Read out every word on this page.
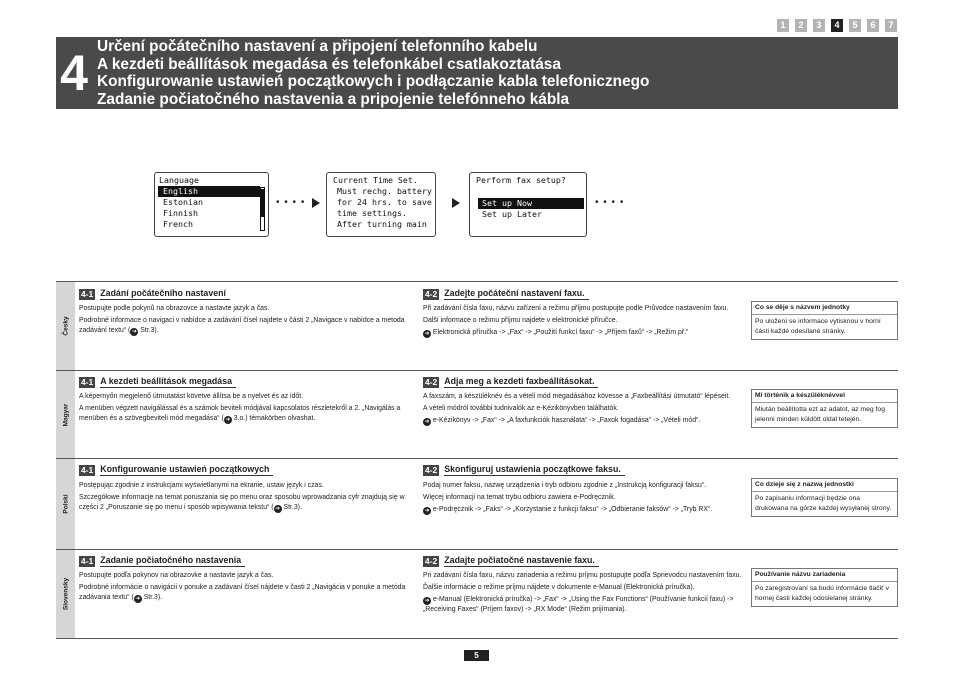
1	2	3	4	5	6	7
4 Určení počátečního nastavení a připojení telefonního kabelu
A kezdeti beállítások megadása és telefonkábel csatlakoztatása
Konfigurowanie ustawień początkowych i podłączanie kabla telefonicznego
Zadanie počiatočného nastavenia a pripojenie telefónneho kábla
Language
English
Estonian
Finnish
French
• • • •
Current Time Set.
Must rechg. battery
for 24 hrs. to save
time settings.
After turning main
Perform fax setup?
Set up Now
Set up Later
• • • •
Česky
4-1 Zadání počátečního nastavení

Postupujte podle pokynů na obrazovce a nastavte jazyk a čas.

Podrobné informace o navigaci v nabídce a zadávání čísel najdete v části 2 „Navigace v nabídce a metoda zadávání textu“ (➜ Str.3).

4-2 Zadejte počáteční nastavení faxu.

Při zadávání čísla faxu, názvu zařízení a režimu příjmu postupujte podle Průvodce nastavením faxu.

Další informace o režimu příjmu najdete v elektronické příručce.

➜ Elektronická příručka -> „Fax“ -> „Použití funkcí faxu“ -> „Příjem faxů“ -> „Režim př.“

Co se děje s názvem jednotky
Po uložení se informace vytisknou v horní části každé odesílané stránky.
Magyar
4-1 A kezdeti beállítások megadása

A képernyőn megjelenő útmutatást követve állítsa be a nyelvet és az időt.

A menüben végzett navigálással és a számok beviteli módjával kapcsolatos részletekről a 2. „Navigálás a menüben és a szövegbeviteli mód megadása“ (➜ 3.o.) témakörben olvashat.

4-2 Adja meg a kezdeti faxbeállításokat.

A faxszám, a készüléknév és a vételi mód megadásához kövesse a „Faxbeállítási útmutató“ lépéseit.

A vételi módról további tudnivalók az e-Kézikönyvben találhatók.

➜ e-Kézikönyv -> „Fax“ -> „A faxfunkciók használata“ -> „Faxok fogadása“ -> „Vételi mód“.

Mi történik a készüléknévvel
Miután beállította ezt az adatot, az meg fog jelenni minden küldött oldal tetején.
Polski
4-1 Konfigurowanie ustawień początkowych

Postępując zgodnie z instrukcjami wyświetlanymi na ekranie, ustaw język i czas.

Szczegółowe informacje na temat poruszania się po menu oraz sposobu wprowadzania cyfr znajdują się w części 2 „Poruszanie się po menu i sposób wpisywania tekstu“ (➜ Str.3).

4-2 Skonfiguruj ustawienia początkowe faksu.

Podaj numer faksu, nazwę urządzenia i tryb odbioru zgodnie z „Instrukcją konfiguracji faksu“.

Więcej informacji na temat trybu odbioru zawiera e-Podręcznik.

➜ e-Podręcznik -> „Faks“ -> „Korzystanie z funkcji faksu“ -> „Odbieranie faksów“ -> „Tryb RX“.

Co dzieje się z nazwą jednostki
Po zapisaniu informacji będzie ona drukowana na górze każdej wysyłanej strony.
Slovensky
4-1 Zadanie počiatočného nastavenia

Postupujte podľa pokynov na obrazovke a nastavte jazyk a čas.

Podrobné informácie o navigácii v ponuke a zadávaní čísel nájdete v časti 2 „Navigácia v ponuke a metóda zadávania textu“ (➜ Str.3).

4-2 Zadajte počiatočné nastavenie faxu.

Pri zadávaní čísla faxu, názvu zariadenia a režimu príjmu postupujte podľa Sprievodcu nastavením faxu.

Ďalšie informácie o režime príjmu nájdete v dokumente e-Manual (Elektronická príručka).

➜ e-Manual (Elektronická príručka) -> „Fax“ -> „Using the Fax Functions“ (Používanie funkcií faxu) -> „Receiving Faxes“ (Príjem faxov) -> „RX Mode“ (Režim prijímania).

Používanie názvu zariadenia
Po zaregistrovaní sa budú informácie tlačiť v hornej časti každej odosielanej stránky.
5
